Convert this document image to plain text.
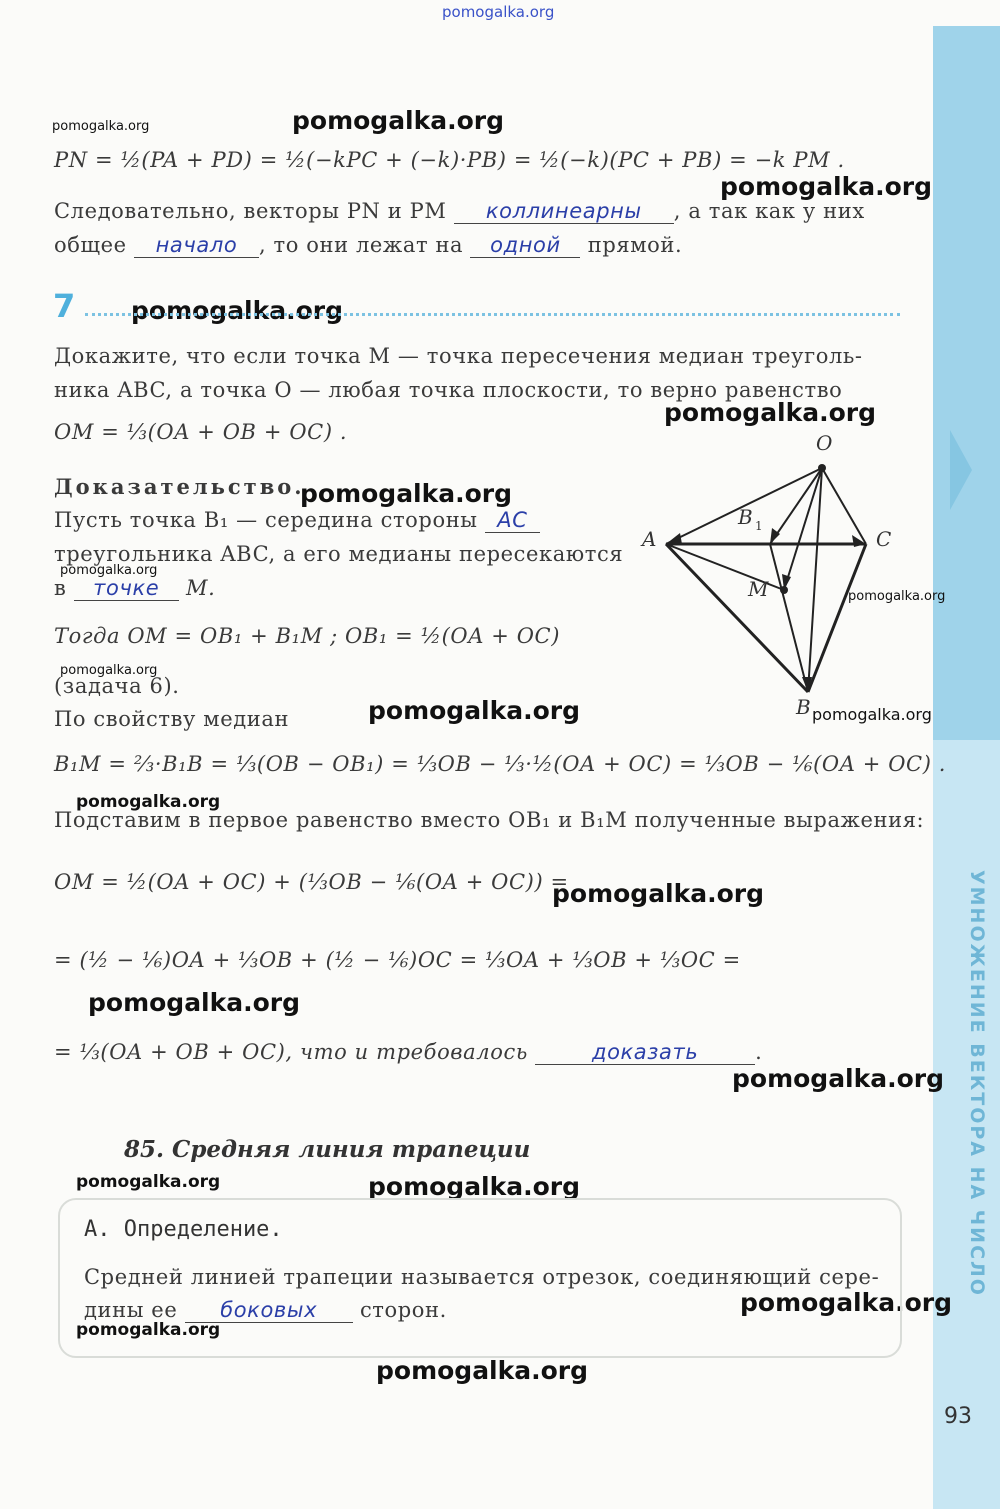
УМНОЖЕНИЕ ВЕКТОРА НА ЧИСЛО
pomogalka.org
pomogalka.org	pomogalka.org
pomogalka.org
pomogalka.org
pomogalka.org
pomogalka.org
pomogalka.org
pomogalka.org
pomogalka.org
pomogalka.org	pomogalka.org
pomogalka.org
pomogalka.org
pomogalka.org
pomogalka.org
pomogalka.org	pomogalka.org
pomogalka.org
pomogalka.org
pomogalka.org
PN = ½(PA + PD) = ½(−kPC + (−k)·PB) = ½(−k)(PC + PB) = −k PM .
Следовательно, векторы PN и PM коллинеарны , а так как у них
общее начало , то они лежат на одной прямой.
7
Докажите, что если точка M — точка пересечения медиан треуголь-
ника ABC, а точка O — любая точка плоскости, то верно равенство
OM = ⅓(OA + OB + OC) .
Доказательство.
Пусть точка B₁ — середина стороны AC
треугольника ABC, а его медианы пересекаются
в точке M.
Тогда OM = OB₁ + B₁M ; OB₁ = ½(OA + OC)
(задача 6).
По свойству медиан
B₁M = ⅔·B₁B = ⅓(OB − OB₁) = ⅓OB − ⅓·½(OA + OC) = ⅓OB − ⅙(OA + OC) .
Подставим в первое равенство вместо OB₁ и B₁M полученные выражения:
OM = ½(OA + OC) + (⅓OB − ⅙(OA + OC)) =
= (½ − ⅙)OA + ⅓OB + (½ − ⅙)OC = ⅓OA + ⅓OB + ⅓OC =
= ⅓(OA + OB + OC), что и требовалось	доказать	.
O
A	C
B 1
M
B
85. Средняя линия трапеции
А. Определение.
Средней линией трапеции называется отрезок, соединяющий сере-
дины ее боковых сторон.
93
